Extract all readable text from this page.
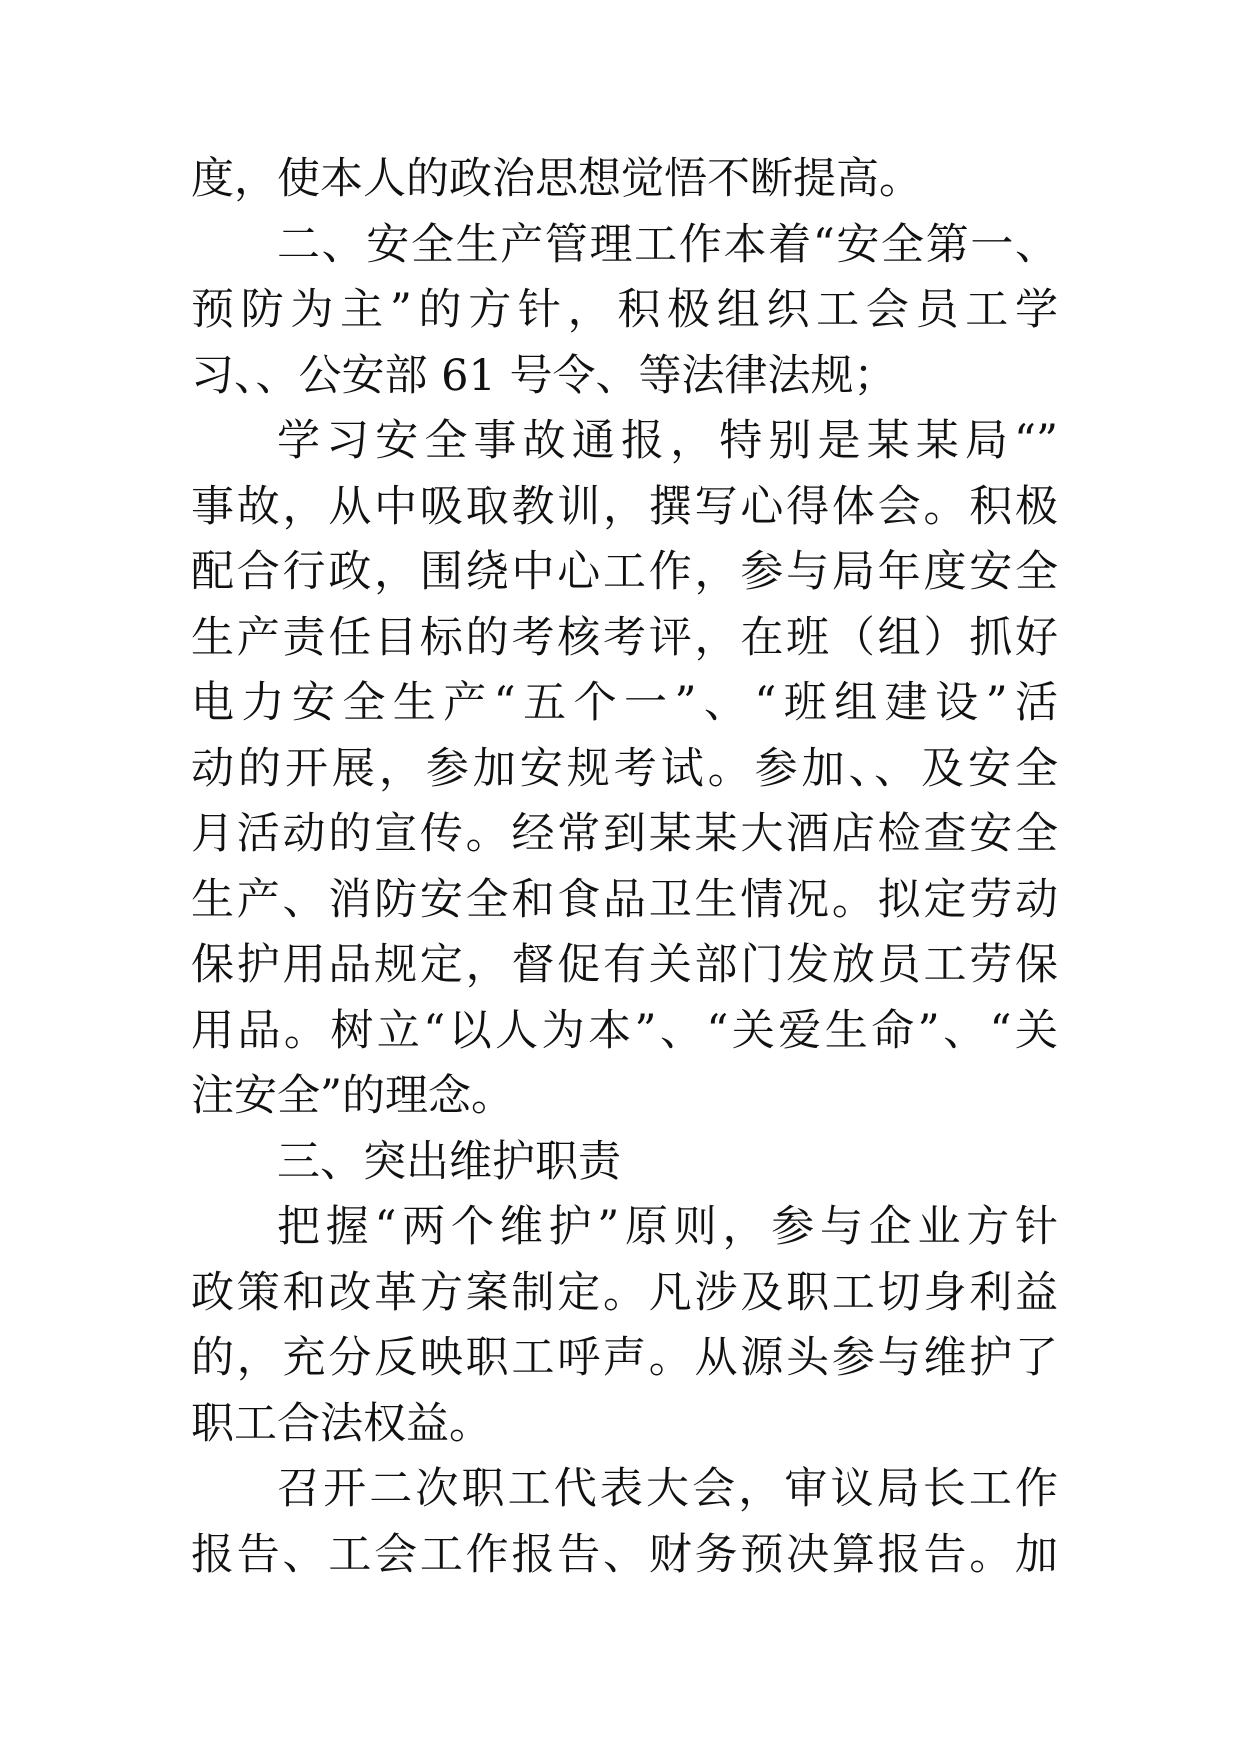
度，使本人的政治思想觉悟不断提高。
二、安全生产管理工作本着“安全第一、
预防为主”的方针，积极组织工会员工学
习、、公安部 61 号令、等法律法规；
学习安全事故通报，特别是某某局“”
事故，从中吸取教训，撰写心得体会。积极
配合行政，围绕中心工作，参与局年度安全
生产责任目标的考核考评，在班（组）抓好
电力安全生产“五个一”、“班组建设”活
动的开展，参加安规考试。参加、、及安全
月活动的宣传。经常到某某大酒店检查安全
生产、消防安全和食品卫生情况。拟定劳动
保护用品规定，督促有关部门发放员工劳保
用品。树立“以人为本”、“关爱生命”、“关
注安全”的理念。
三、突出维护职责
把握“两个维护”原则，参与企业方针
政策和改革方案制定。凡涉及职工切身利益
的，充分反映职工呼声。从源头参与维护了
职工合法权益。
召开二次职工代表大会，审议局长工作
报告、工会工作报告、财务预决算报告。加
